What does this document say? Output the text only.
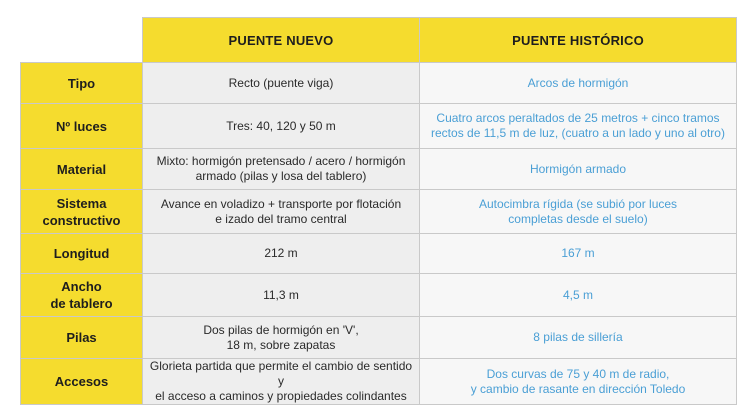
	PUENTE NUEVO	PUENTE HISTÓRICO

Tipo	Recto (puente viga)	Arcos de hormigón

Nº luces	Tres: 40, 120 y 50 m	Cuatro arcos peraltados de 25 metros + cinco tramos
rectos de 11,5 m de luz, (cuatro a un lado y uno al otro)

Material	Mixto: hormigón pretensado / acero / hormigón
armado (pilas y losa del tablero)	Hormigón armado

Sistema
constructivo	Avance en voladizo + transporte por flotación
e izado del tramo central	Autocimbra rígida (se subió por luces
completas desde el suelo)

Longitud	212 m	167 m

Ancho
de tablero	11,3 m	4,5 m

Pilas	Dos pilas de hormigón en 'V',
18 m, sobre zapatas	8 pilas de sillería

Accesos	Glorieta partida que permite el cambio de sentido y
el acceso a caminos y propiedades colindantes	Dos curvas de 75 y 40 m de radio,
y cambio de rasante en dirección Toledo
